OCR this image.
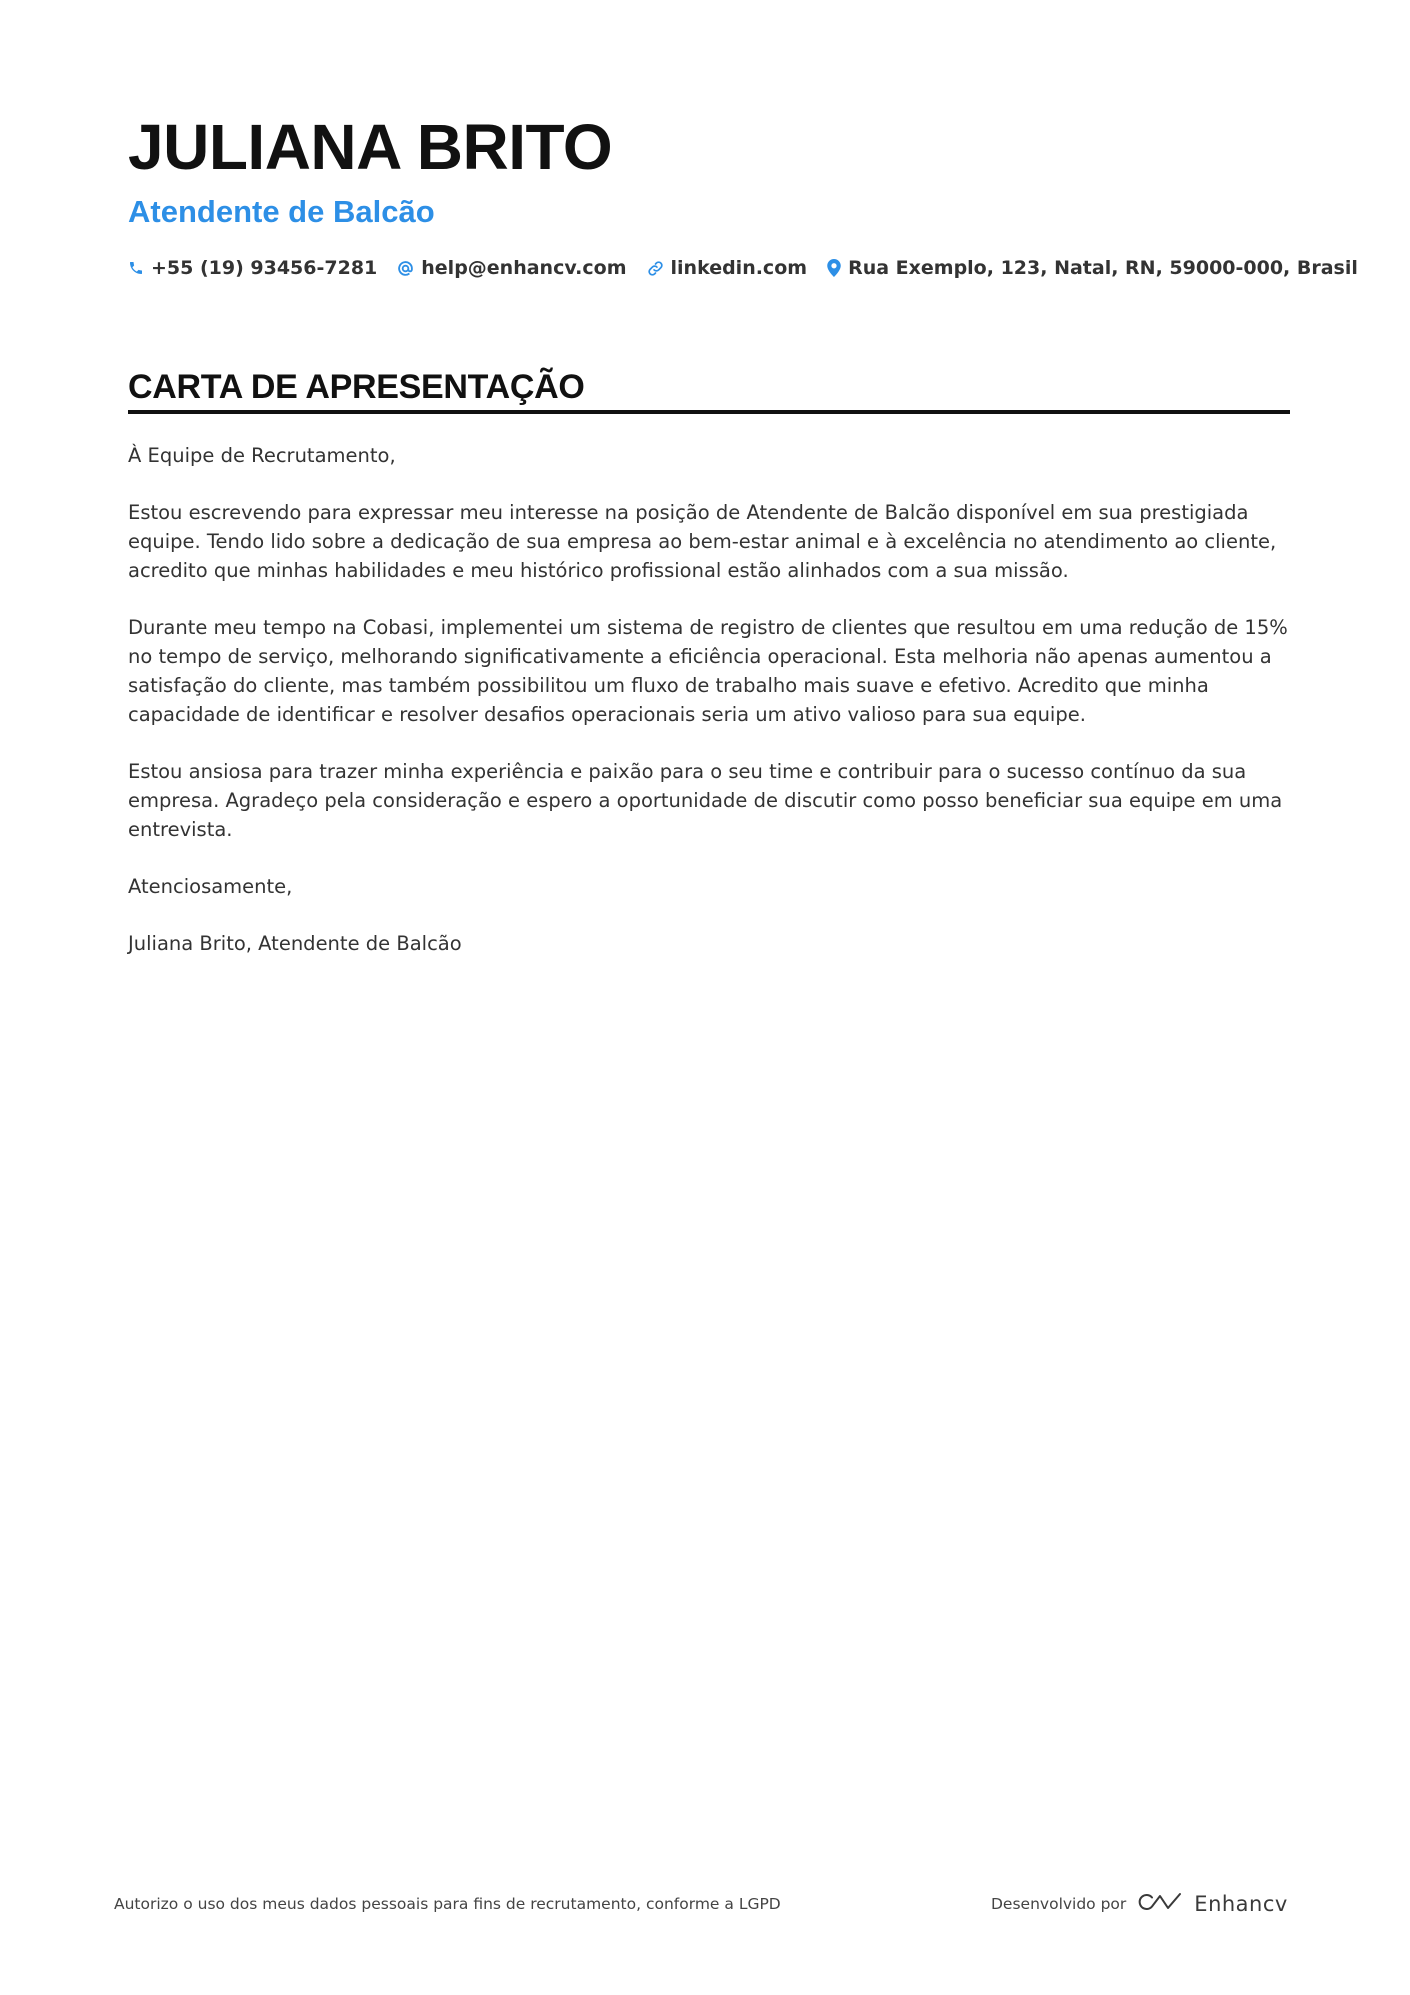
JULIANA BRITO
Atendente de Balcão
+55 (19) 93456-7281 help@enhancv.com linkedin.com Rua Exemplo, 123, Natal, RN, 59000-000, Brasil
CARTA DE APRESENTAÇÃO

À Equipe de Recrutamento,

Estou escrevendo para expressar meu interesse na posição de Atendente de Balcão disponível em sua prestigiada equipe. Tendo lido sobre a dedicação de sua empresa ao bem-estar animal e à excelência no atendimento ao cliente, acredito que minhas habilidades e meu histórico profissional estão alinhados com a sua missão.

Durante meu tempo na Cobasi, implementei um sistema de registro de clientes que resultou em uma redução de 15% no tempo de serviço, melhorando significativamente a eficiência operacional. Esta melhoria não apenas aumentou a satisfação do cliente, mas também possibilitou um fluxo de trabalho mais suave e efetivo. Acredito que minha capacidade de identificar e resolver desafios operacionais seria um ativo valioso para sua equipe.

Estou ansiosa para trazer minha experiência e paixão para o seu time e contribuir para o sucesso contínuo da sua empresa. Agradeço pela consideração e espero a oportunidade de discutir como posso beneficiar sua equipe em uma entrevista.

Atenciosamente,

Juliana Brito, Atendente de Balcão

Autorizo o uso dos meus dados pessoais para fins de recrutamento, conforme a LGPD	Desenvolvido por	Enhancv
